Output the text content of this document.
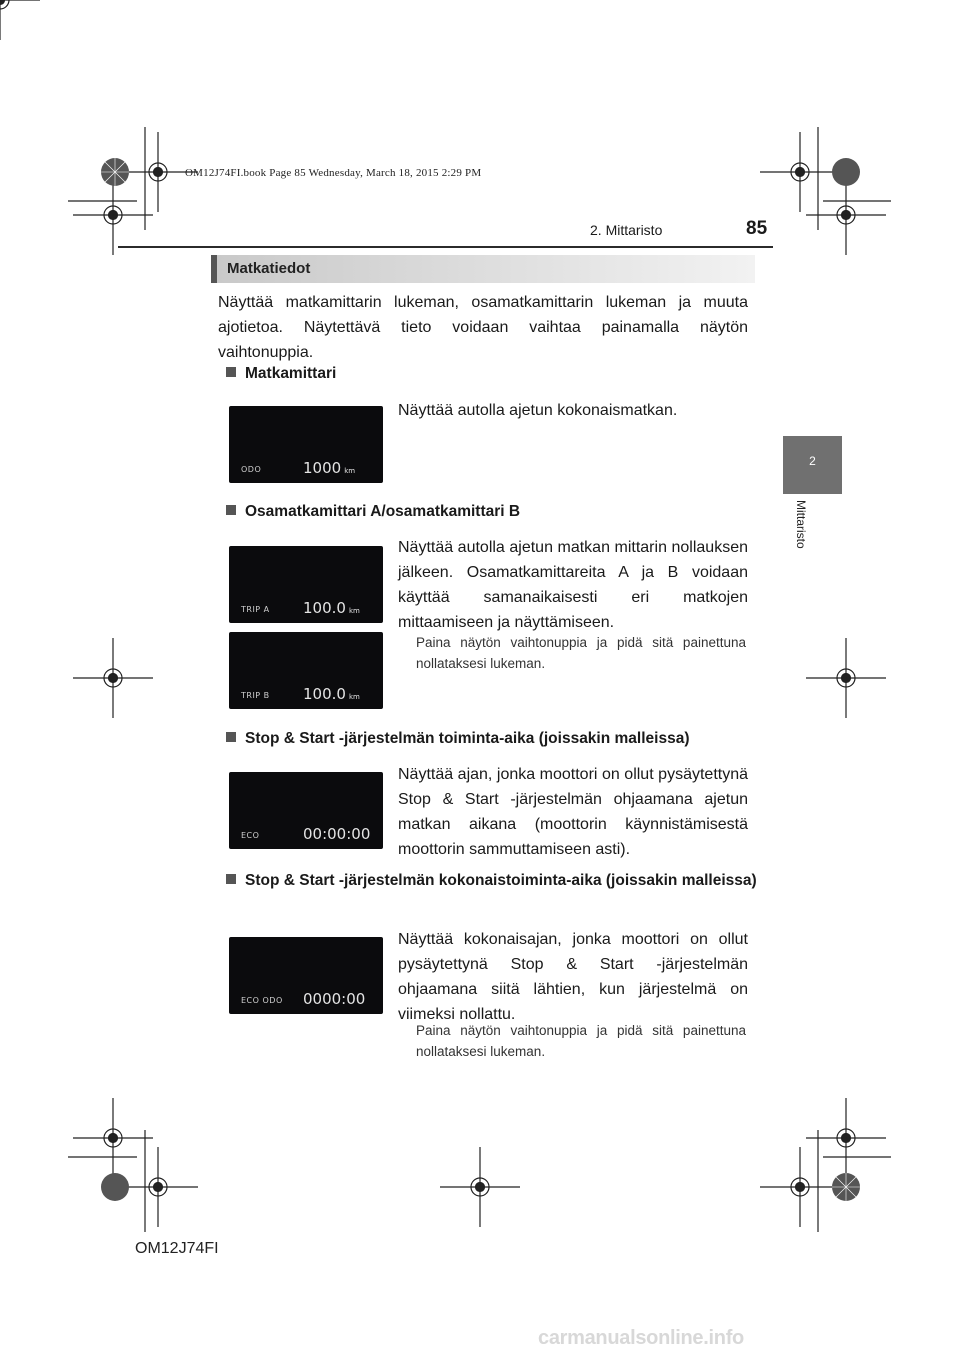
OM12J74FI.book Page 85 Wednesday, March 18, 2015 2:29 PM
2. Mittaristo	85
2
Mittaristo
Matkatiedot
Näyttää matkamittarin lukeman, osamatkamittarin lukeman ja muuta ajotietoa. Näytettävä tieto voidaan vaihtaa painamalla näytön vaihtonuppia.
Matkamittari
ODO	1000 km
Näyttää autolla ajetun kokonaismatkan.
Osamatkamittari A/osamatkamittari B
TRIP A 100.0 km
TRIP B 100.0 km
Näyttää autolla ajetun matkan mittarin nollauksen jälkeen. Osamatkamittareita A ja B voidaan käyttää samanaikaisesti eri matkojen mittaamiseen ja näyttämiseen.
Paina näytön vaihtonuppia ja pidä sitä painettuna nollataksesi lukeman.
Stop & Start -järjestelmän toiminta-aika (joissakin malleissa)
ECO	00:00:00
Näyttää ajan, jonka moottori on ollut pysäytettynä Stop & Start -järjestelmän ohjaamana ajetun matkan aikana (moottorin käynnistämisestä moottorin sammuttamiseen asti).
Stop & Start -järjestelmän kokonaistoiminta-aika (joissakin malleissa)
ECO ODO 0000:00
Näyttää kokonaisajan, jonka moottori on ollut pysäytettynä Stop & Start -järjestelmän ohjaamana siitä lähtien, kun järjestelmä on viimeksi nollattu.
Paina näytön vaihtonuppia ja pidä sitä painettuna nollataksesi lukeman.
OM12J74FI
carmanualsonline.info
